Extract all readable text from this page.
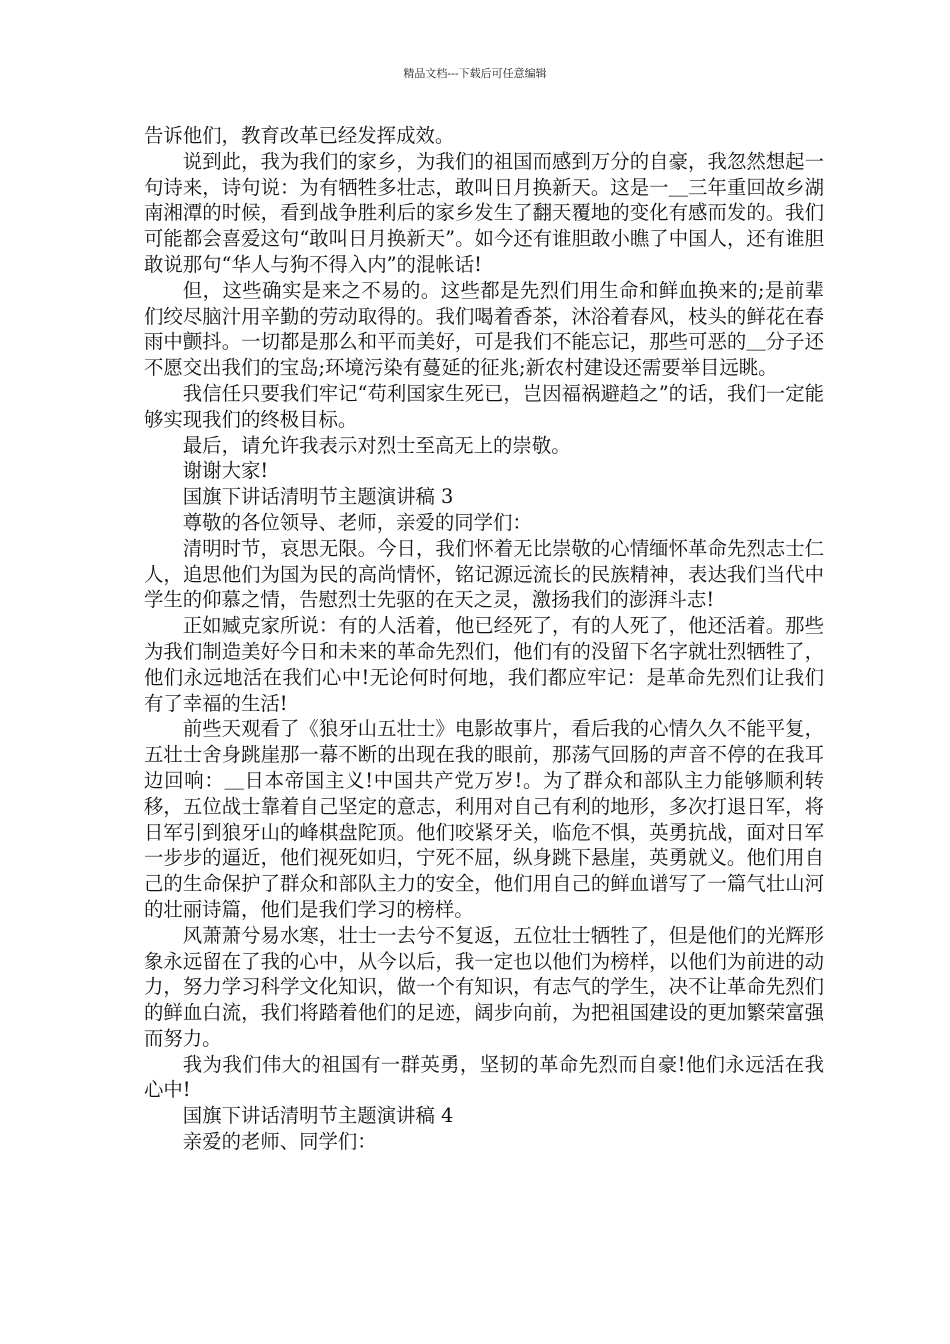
精品文档---下载后可任意编辑

告诉他们，教育改革已经发挥成效。

说到此，我为我们的家乡，为我们的祖国而感到万分的自豪，我忽然想起一句诗来，诗句说：为有牺牲多壮志，敢叫日月换新天。这是一＿三年重回故乡湖南湘潭的时候，看到战争胜利后的家乡发生了翻天覆地的变化有感而发的。我们可能都会喜爱这句“敢叫日月换新天”。如今还有谁胆敢小瞧了中国人，还有谁胆敢说那句“华人与狗不得入内”的混帐话!

但，这些确实是来之不易的。这些都是先烈们用生命和鲜血换来的;是前辈们绞尽脑汁用辛勤的劳动取得的。我们喝着香茶，沐浴着春风，枝头的鲜花在春雨中颤抖。一切都是那么和平而美好，可是我们不能忘记，那些可恶的＿分子还不愿交出我们的宝岛;环境污染有蔓延的征兆;新农村建设还需要举目远眺。

我信任只要我们牢记“苟利国家生死已，岂因福祸避趋之”的话，我们一定能够实现我们的终极目标。

最后，请允许我表示对烈士至高无上的崇敬。

谢谢大家!

国旗下讲话清明节主题演讲稿 3

尊敬的各位领导、老师，亲爱的同学们：

清明时节，哀思无限。今日，我们怀着无比崇敬的心情缅怀革命先烈志士仁人，追思他们为国为民的高尚情怀，铭记源远流长的民族精神，表达我们当代中学生的仰慕之情，告慰烈士先驱的在天之灵，激扬我们的澎湃斗志!

正如臧克家所说：有的人活着，他已经死了，有的人死了，他还活着。那些为我们制造美好今日和未来的革命先烈们，他们有的没留下名字就壮烈牺牲了，他们永远地活在我们心中!无论何时何地，我们都应牢记：是革命先烈们让我们有了幸福的生活!

前些天观看了《狼牙山五壮士》电影故事片，看后我的心情久久不能平复，五壮士舍身跳崖那一幕不断的出现在我的眼前，那荡气回肠的声音不停的在我耳边回响：＿日本帝国主义!中国共产党万岁!。为了群众和部队主力能够顺利转移，五位战士靠着自己坚定的意志，利用对自己有利的地形，多次打退日军，将日军引到狼牙山的峰棋盘陀顶。他们咬紧牙关，临危不惧，英勇抗战，面对日军一步步的逼近，他们视死如归，宁死不屈，纵身跳下悬崖，英勇就义。他们用自己的生命保护了群众和部队主力的安全，他们用自己的鲜血谱写了一篇气壮山河的壮丽诗篇，他们是我们学习的榜样。

风萧萧兮易水寒，壮士一去兮不复返，五位壮士牺牲了，但是他们的光辉形象永远留在了我的心中，从今以后，我一定也以他们为榜样，以他们为前进的动力，努力学习科学文化知识，做一个有知识，有志气的学生，决不让革命先烈们的鲜血白流，我们将踏着他们的足迹，阔步向前，为把祖国建设的更加繁荣富强而努力。

我为我们伟大的祖国有一群英勇，坚韧的革命先烈而自豪!他们永远活在我心中!

国旗下讲话清明节主题演讲稿 4

亲爱的老师、同学们：
